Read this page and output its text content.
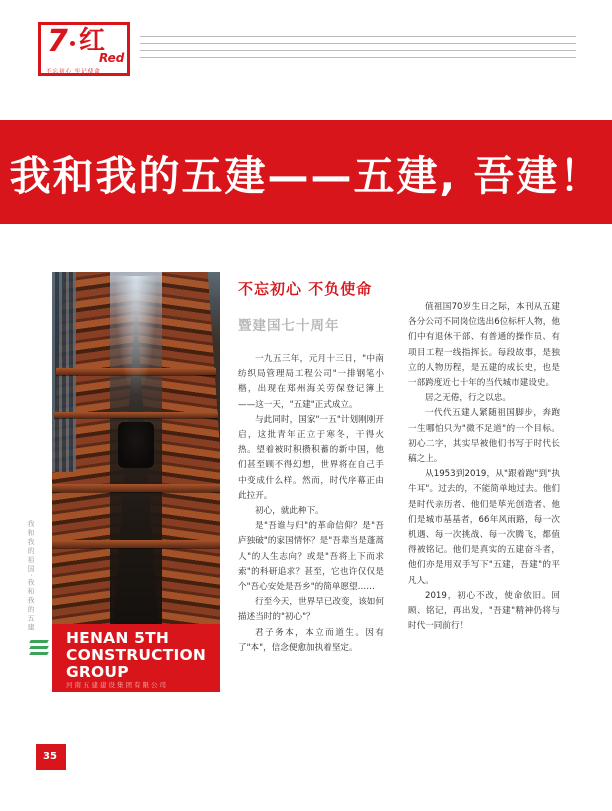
7 红
Red
不忘初心 牢记使命
我和我的五建——五建, 吾建！
HENAN 5TH
CONSTRUCTION
GROUP
河南五建建设集团有限公司
我和我的祖国·我和我的五建
不忘初心 不负使命
暨建国七十周年

一九五三年，元月十三日，"中南纺织局管理局工程公司"一排钢笔小楷，出现在郑州海关劳保登记簿上——这一天，"五建"正式成立。

与此同时，国家"一五"计划刚刚开启，这批青年正立于寒冬，干得火热。望着被时积攒积蓄的新中国，他们甚至顾不得幻想，世界将在自己手中变成什么样。然而，时代序幕正由此拉开。

初心，就此种下。

是"吾谁与归"的革命信仰？是"吾庐独破"的家国情怀？是"吾辈当是蓬蒿人"的人生志向？或是"吾将上下而求索"的科研追求？甚至，它也许仅仅是个"吾心安处是吾乡"的简单愿望……

行至今天，世界早已改变，该如何描述当时的"初心"？

君子务本，本立而道生。因有了"本"，信念便愈加执着坚定。

值祖国70岁生日之际，本刊从五建各分公司不同岗位选出6位标杆人物，他们中有退休干部、有普通的操作员、有项目工程一线指挥长。每段故事，是独立的人物历程，是五建的成长史，也是一部跨度近七十年的当代城市建设史。

居之无倦，行之以忠。

一代代五建人紧随祖国脚步，奔跑一生哪怕只为"微不足道"的一个目标。初心二字，其实早被他们书写于时代长稿之上。

从1953到2019，从"跟着跑"到"执牛耳"。过去的，不能简单地过去。他们是时代亲历者、他们是荜光创造者、他们是城市基基者，66年风雨路，每一次机遇、每一次挑战、每一次腾飞，都值得被铭记。他们是真实的五建奋斗者，他们亦是用双手写下"五建，吾建"的平凡人。

2019，初心不改，使命依旧。回顾、铭记，再出发，"吾建"精神仍将与时代一同前行！

35
